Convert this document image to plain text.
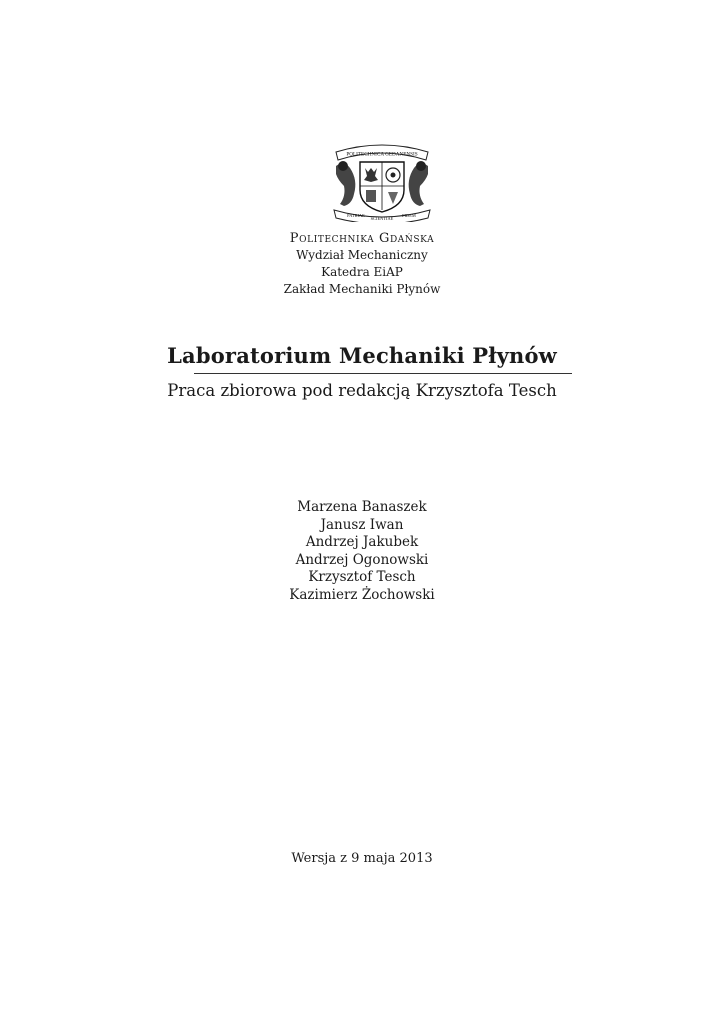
POLITECHNICA GEDANENSIS
PATRIAE
SCIENTIAE
FIDEM
Politechnika Gdańska
Wydział Mechaniczny
Katedra EiAP
Zakład Mechaniki Płynów
Laboratorium Mechaniki Płynów
Praca zbiorowa pod redakcją Krzysztofa Tesch
Marzena Banaszek
Janusz Iwan
Andrzej Jakubek
Andrzej Ogonowski
Krzysztof Tesch
Kazimierz Żochowski
Wersja z 9 maja 2013
